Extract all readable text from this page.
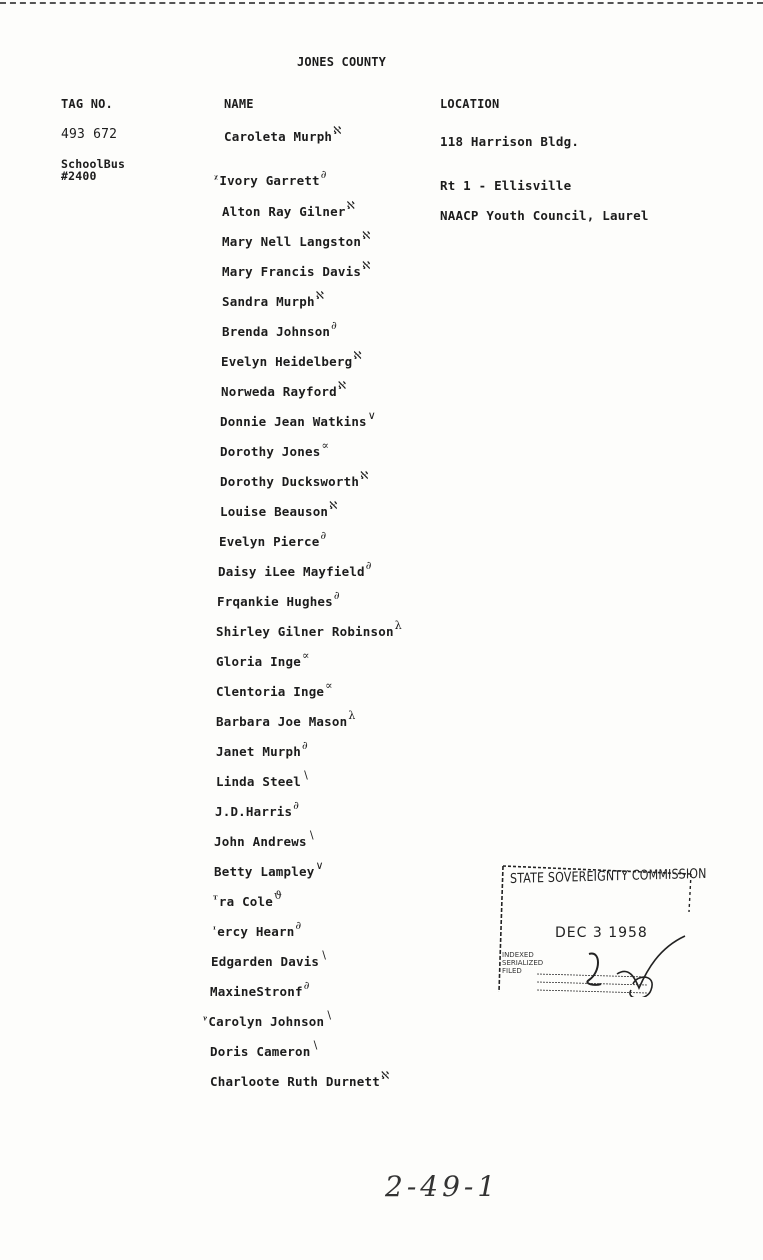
JONES COUNTY
TAG NO.	NAME	LOCATION
493 672
SchoolBus
#2400
118 Harrison Bldg.
Rt 1 - Ellisville
NAACP Youth Council, Laurel
Caroleta Murphℵ
$^ᵡ$Ivory Garrett∂
Alton Ray Gilnerℵ
Mary Nell Langstonℵ
Mary Francis Davisℵ
Sandra Murphℵ
Brenda Johnson∂
Evelyn Heidelbergℵ
Norweda Rayfordℵ
Donnie Jean Watkins∨
Dorothy Jones∝
Dorothy Ducksworthℵ
Louise Beausonℵ
Evelyn Pierce∂
Daisy iLee Mayfield∂
Frqankie Hughes∂
Shirley Gilner Robinsonλ
Gloria Inge∝
Clentoria Inge∝
Barbara Joe Masonλ
Janet Murph∂
Linda Steel∖
J.D.Harris∂
John Andrews∖
Betty Lampley∨
$^ᵁ$ra Coleϑ
$^ᶦ$ercy Hearn∂
Edgarden Davis∖
MaxineStronf∂
$^ᵞ$Carolyn Johnson∖
Doris Cameron∖
Charloote Ruth Durnettℵ
STATE SOVEREIGNTY COMMISSION
DEC 3 1958
INDEXED
SERIALIZED
FILED
2-49-1
